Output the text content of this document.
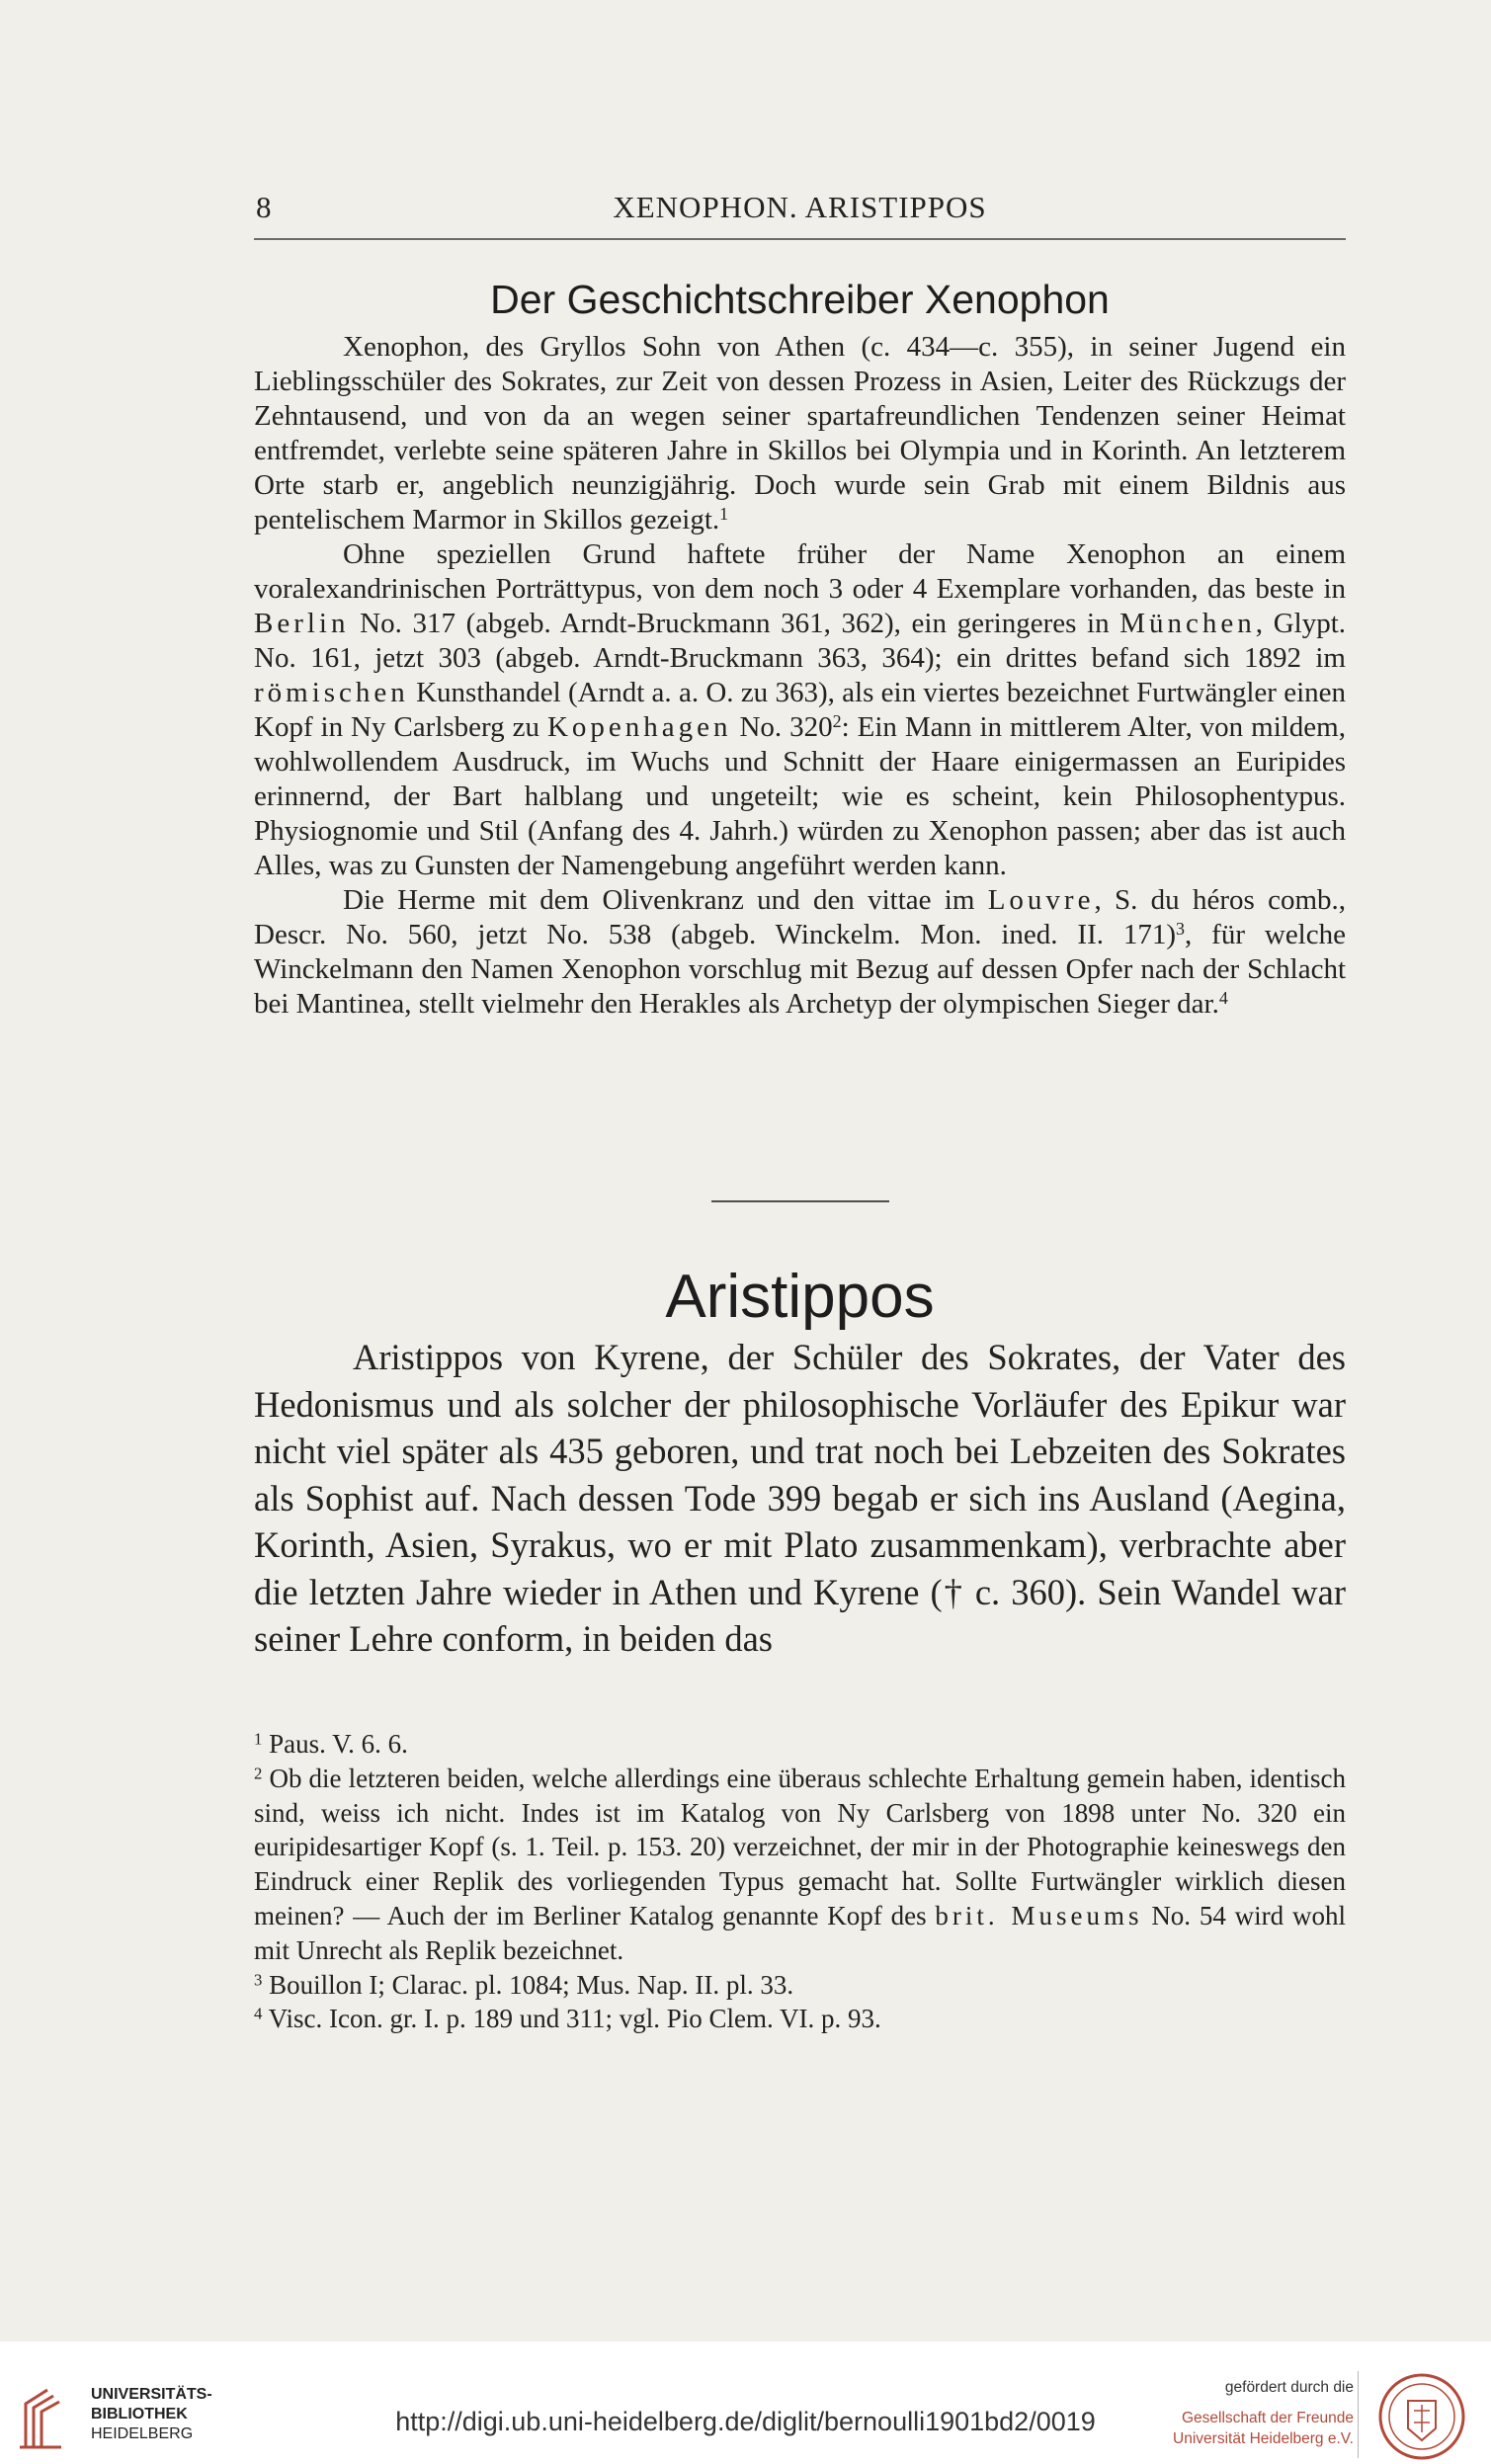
8	XENOPHON. ARISTIPPOS
Der Geschichtschreiber Xenophon

Xenophon, des Gryllos Sohn von Athen (c. 434—c. 355), in seiner Jugend ein Lieblingsschüler des Sokrates, zur Zeit von dessen Prozess in Asien, Leiter des Rückzugs der Zehntausend, und von da an wegen seiner spartafreundlichen Tendenzen seiner Heimat entfremdet, verlebte seine späteren Jahre in Skillos bei Olympia und in Korinth. An letzterem Orte starb er, angeblich neunzigjährig. Doch wurde sein Grab mit einem Bildnis aus pentelischem Marmor in Skillos gezeigt.$^1$

Ohne speziellen Grund haftete früher der Name Xenophon an einem voralexandrinischen Porträttypus, von dem noch 3 oder 4 Exemplare vorhanden, das beste in Berlin No. 317 (abgeb. Arndt-Bruckmann 361, 362), ein geringeres in München, Glypt. No. 161, jetzt 303 (abgeb. Arndt-Bruckmann 363, 364); ein drittes befand sich 1892 im römischen Kunsthandel (Arndt a. a. O. zu 363), als ein viertes bezeichnet Furtwängler einen Kopf in Ny Carlsberg zu Kopenhagen No. $320^2$: Ein Mann in mittlerem Alter, von mildem, wohlwollendem Ausdruck, im Wuchs und Schnitt der Haare einigermassen an Euripides erinnernd, der Bart halblang und ungeteilt; wie es scheint, kein Philosophentypus. Physiognomie und Stil (Anfang des 4. Jahrh.) würden zu Xenophon passen; aber das ist auch Alles, was zu Gunsten der Namengebung angeführt werden kann.

Die Herme mit dem Olivenkranz und den vittae im Louvre, S. du héros comb., Descr. No. 560, jetzt No. 538 (abgeb. Winckelm. Mon. ined. II. 171)$^3$, für welche Winckelmann den Namen Xenophon vorschlug mit Bezug auf dessen Opfer nach der Schlacht bei Mantinea, stellt vielmehr den Herakles als Archetyp der olympischen Sieger dar.$^4$

Aristippos

Aristippos von Kyrene, der Schüler des Sokrates, der Vater des Hedonismus und als solcher der philosophische Vorläufer des Epikur war nicht viel später als 435 geboren, und trat noch bei Lebzeiten des Sokrates als Sophist auf. Nach dessen Tode 399 begab er sich ins Ausland (Aegina, Korinth, Asien, Syrakus, wo er mit Plato zusammenkam), verbrachte aber die letzten Jahre wieder in Athen und Kyrene († c. 360). Sein Wandel war seiner Lehre conform, in beiden das

$^1$ Paus. V. 6. 6.

$^2$ Ob die letzteren beiden, welche allerdings eine überaus schlechte Erhaltung gemein haben, identisch sind, weiss ich nicht. Indes ist im Katalog von Ny Carlsberg von 1898 unter No. 320 ein euripidesartiger Kopf (s. 1. Teil. p. 153. 20) verzeichnet, der mir in der Photographie keineswegs den Eindruck einer Replik des vorliegenden Typus gemacht hat. Sollte Furtwängler wirklich diesen meinen? — Auch der im Berliner Katalog genannte Kopf des brit. Museums No. 54 wird wohl mit Unrecht als Replik bezeichnet.

$^3$ Bouillon I; Clarac. pl. 1084; Mus. Nap. II. pl. 33.

$^4$ Visc. Icon. gr. I. p. 189 und 311; vgl. Pio Clem. VI. p. 93.

UNIVERSITÄTS-
BIBLIOTHEK
HEIDELBERG	http://digi.ub.uni-heidelberg.de/diglit/bernoulli1901bd2/0019
gefördert durch die
Gesellschaft der Freunde
Universität Heidelberg e.V.
